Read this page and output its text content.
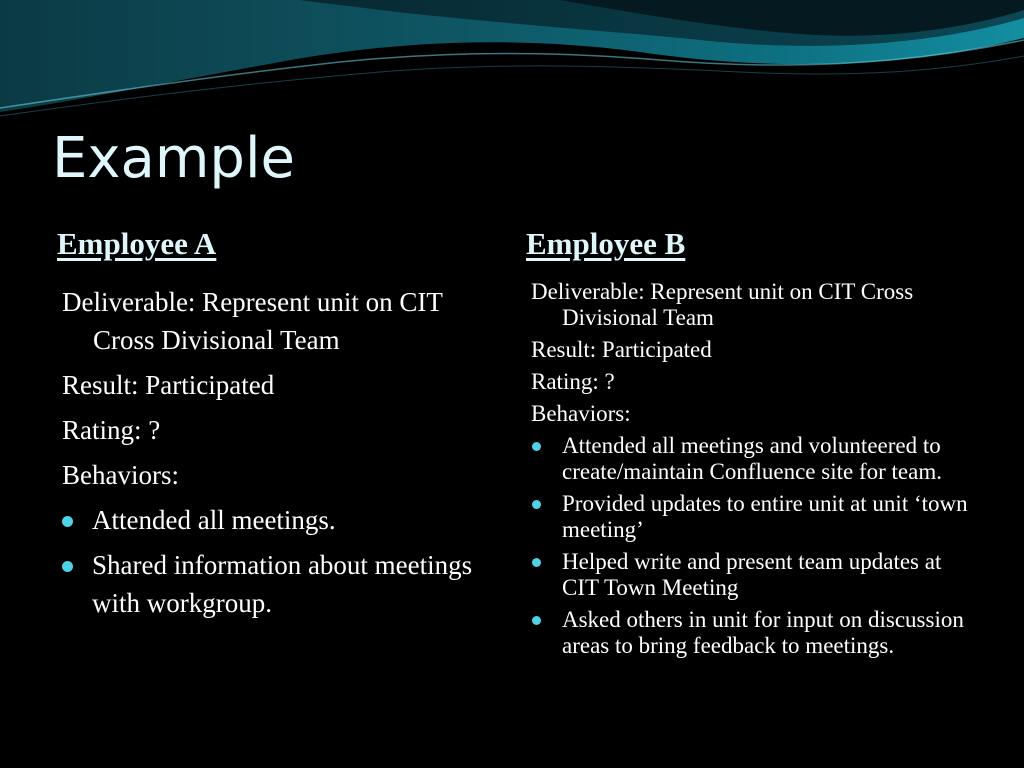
Example
Employee A	Employee B

Deliverable: Represent unit on CIT Cross Divisional Team

Result: Participated

Rating: ?

Behaviors:

Attended all meetings.

Shared information about meetings with workgroup.

Deliverable: Represent unit on CIT Cross Divisional Team

Result: Participated

Rating: ?

Behaviors:

Attended all meetings and volunteered to create/maintain Confluence site for team.

Provided updates to entire unit at unit ‘town meeting’

Helped write and present team updates at CIT Town Meeting

Asked others in unit for input on discussion areas to bring feedback to meetings.
